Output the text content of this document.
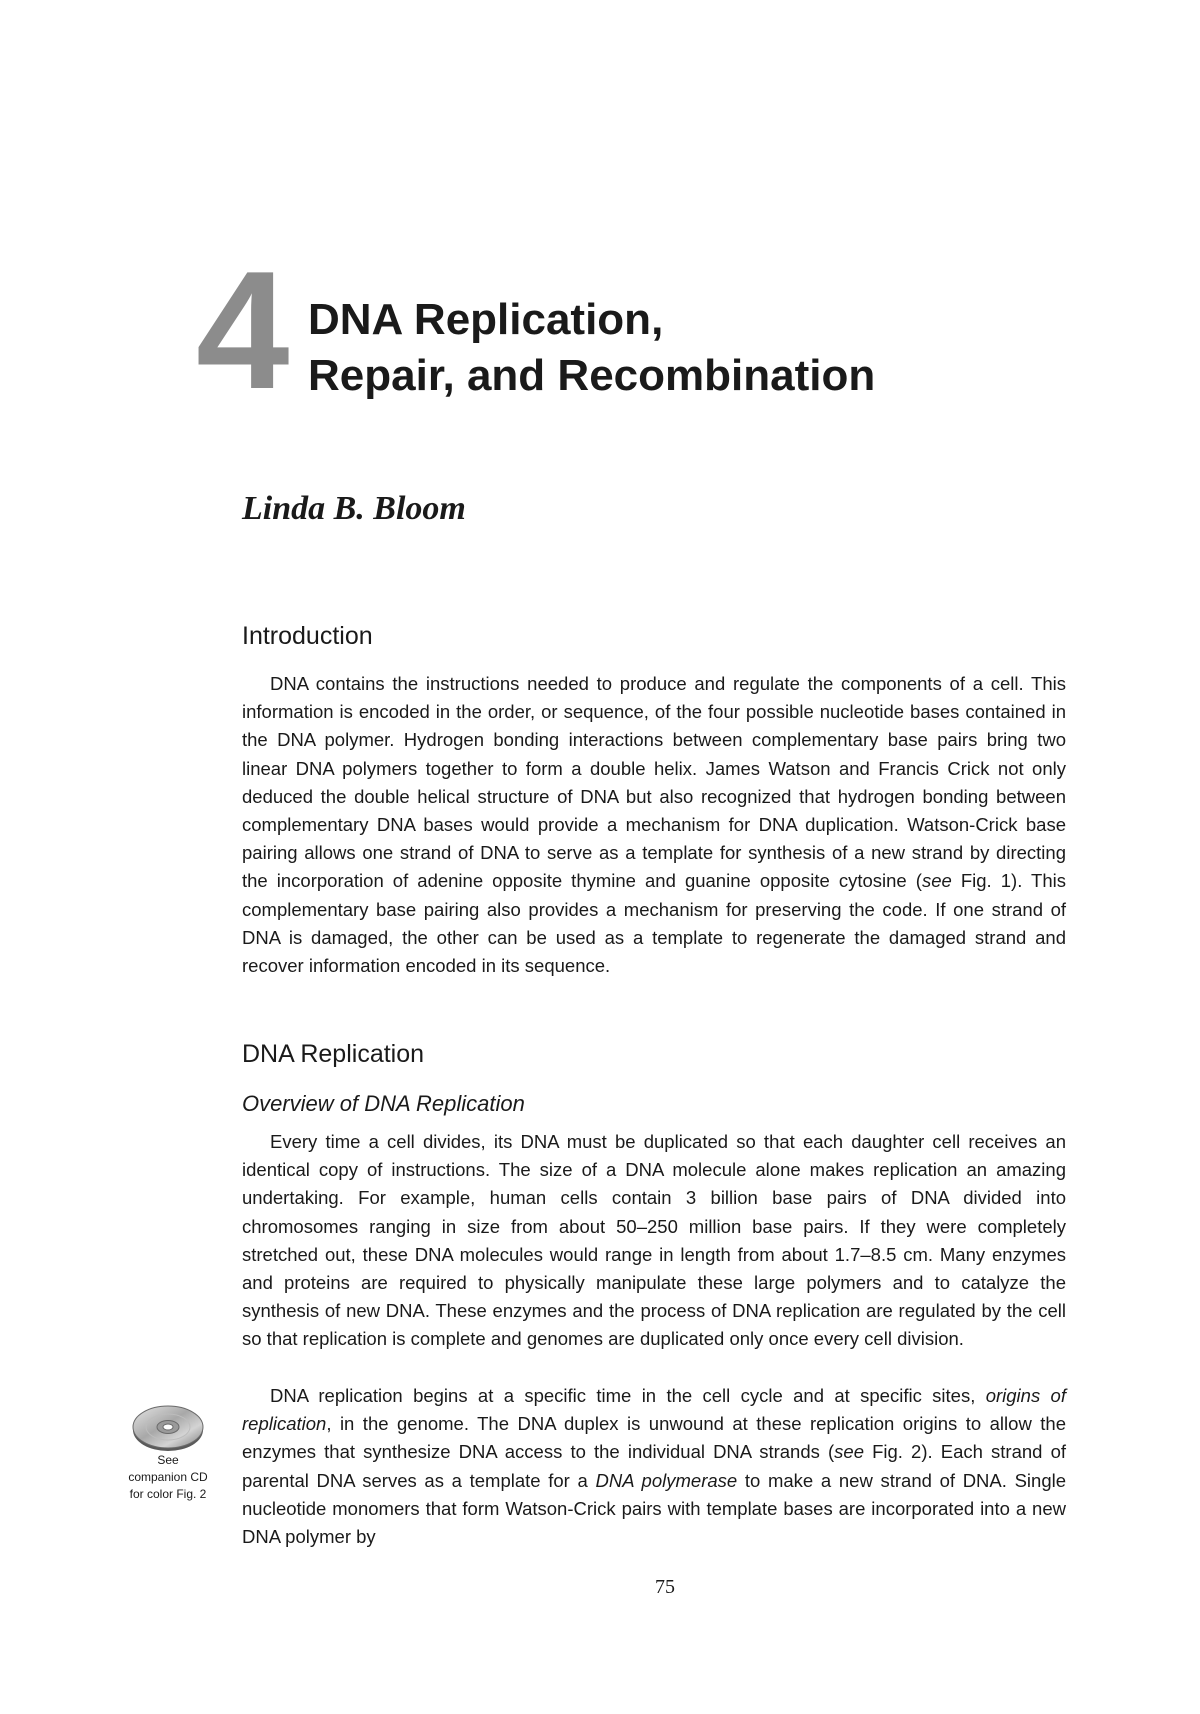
4 DNA Replication,
Repair, and Recombination

Linda B. Bloom

Introduction

DNA contains the instructions needed to produce and regulate the components of a cell. This information is encoded in the order, or sequence, of the four possible nucleotide bases contained in the DNA polymer. Hydrogen bonding interactions between complementary base pairs bring two linear DNA polymers together to form a double helix. James Watson and Francis Crick not only deduced the double helical structure of DNA but also recognized that hydrogen bonding between complementary DNA bases would provide a mechanism for DNA duplication. Watson-Crick base pairing allows one strand of DNA to serve as a template for synthesis of a new strand by directing the incorporation of adenine opposite thymine and guanine opposite cytosine (see Fig. 1). This complementary base pairing also provides a mechanism for preserving the code. If one strand of DNA is damaged, the other can be used as a template to regenerate the damaged strand and recover information encoded in its sequence.

DNA Replication
Overview of DNA Replication

Every time a cell divides, its DNA must be duplicated so that each daughter cell receives an identical copy of instructions. The size of a DNA molecule alone makes replication an amazing undertaking. For example, human cells contain 3 billion base pairs of DNA divided into chromosomes ranging in size from about 50–250 million base pairs. If they were completely stretched out, these DNA molecules would range in length from about 1.7–8.5 cm. Many enzymes and proteins are required to physically manipulate these large polymers and to catalyze the synthesis of new DNA. These enzymes and the process of DNA replication are regulated by the cell so that replication is complete and genomes are duplicated only once every cell division.

DNA replication begins at a specific time in the cell cycle and at specific sites, origins of replication, in the genome. The DNA duplex is unwound at these replication origins to allow the enzymes that synthesize DNA access to the individual DNA strands (see Fig. 2). Each strand of parental DNA serves as a template for a DNA polymerase to make a new strand of DNA. Single nucleotide monomers that form Watson-Crick pairs with template bases are incorporated into a new DNA polymer by

See
companion CD
for color Fig. 2

75
